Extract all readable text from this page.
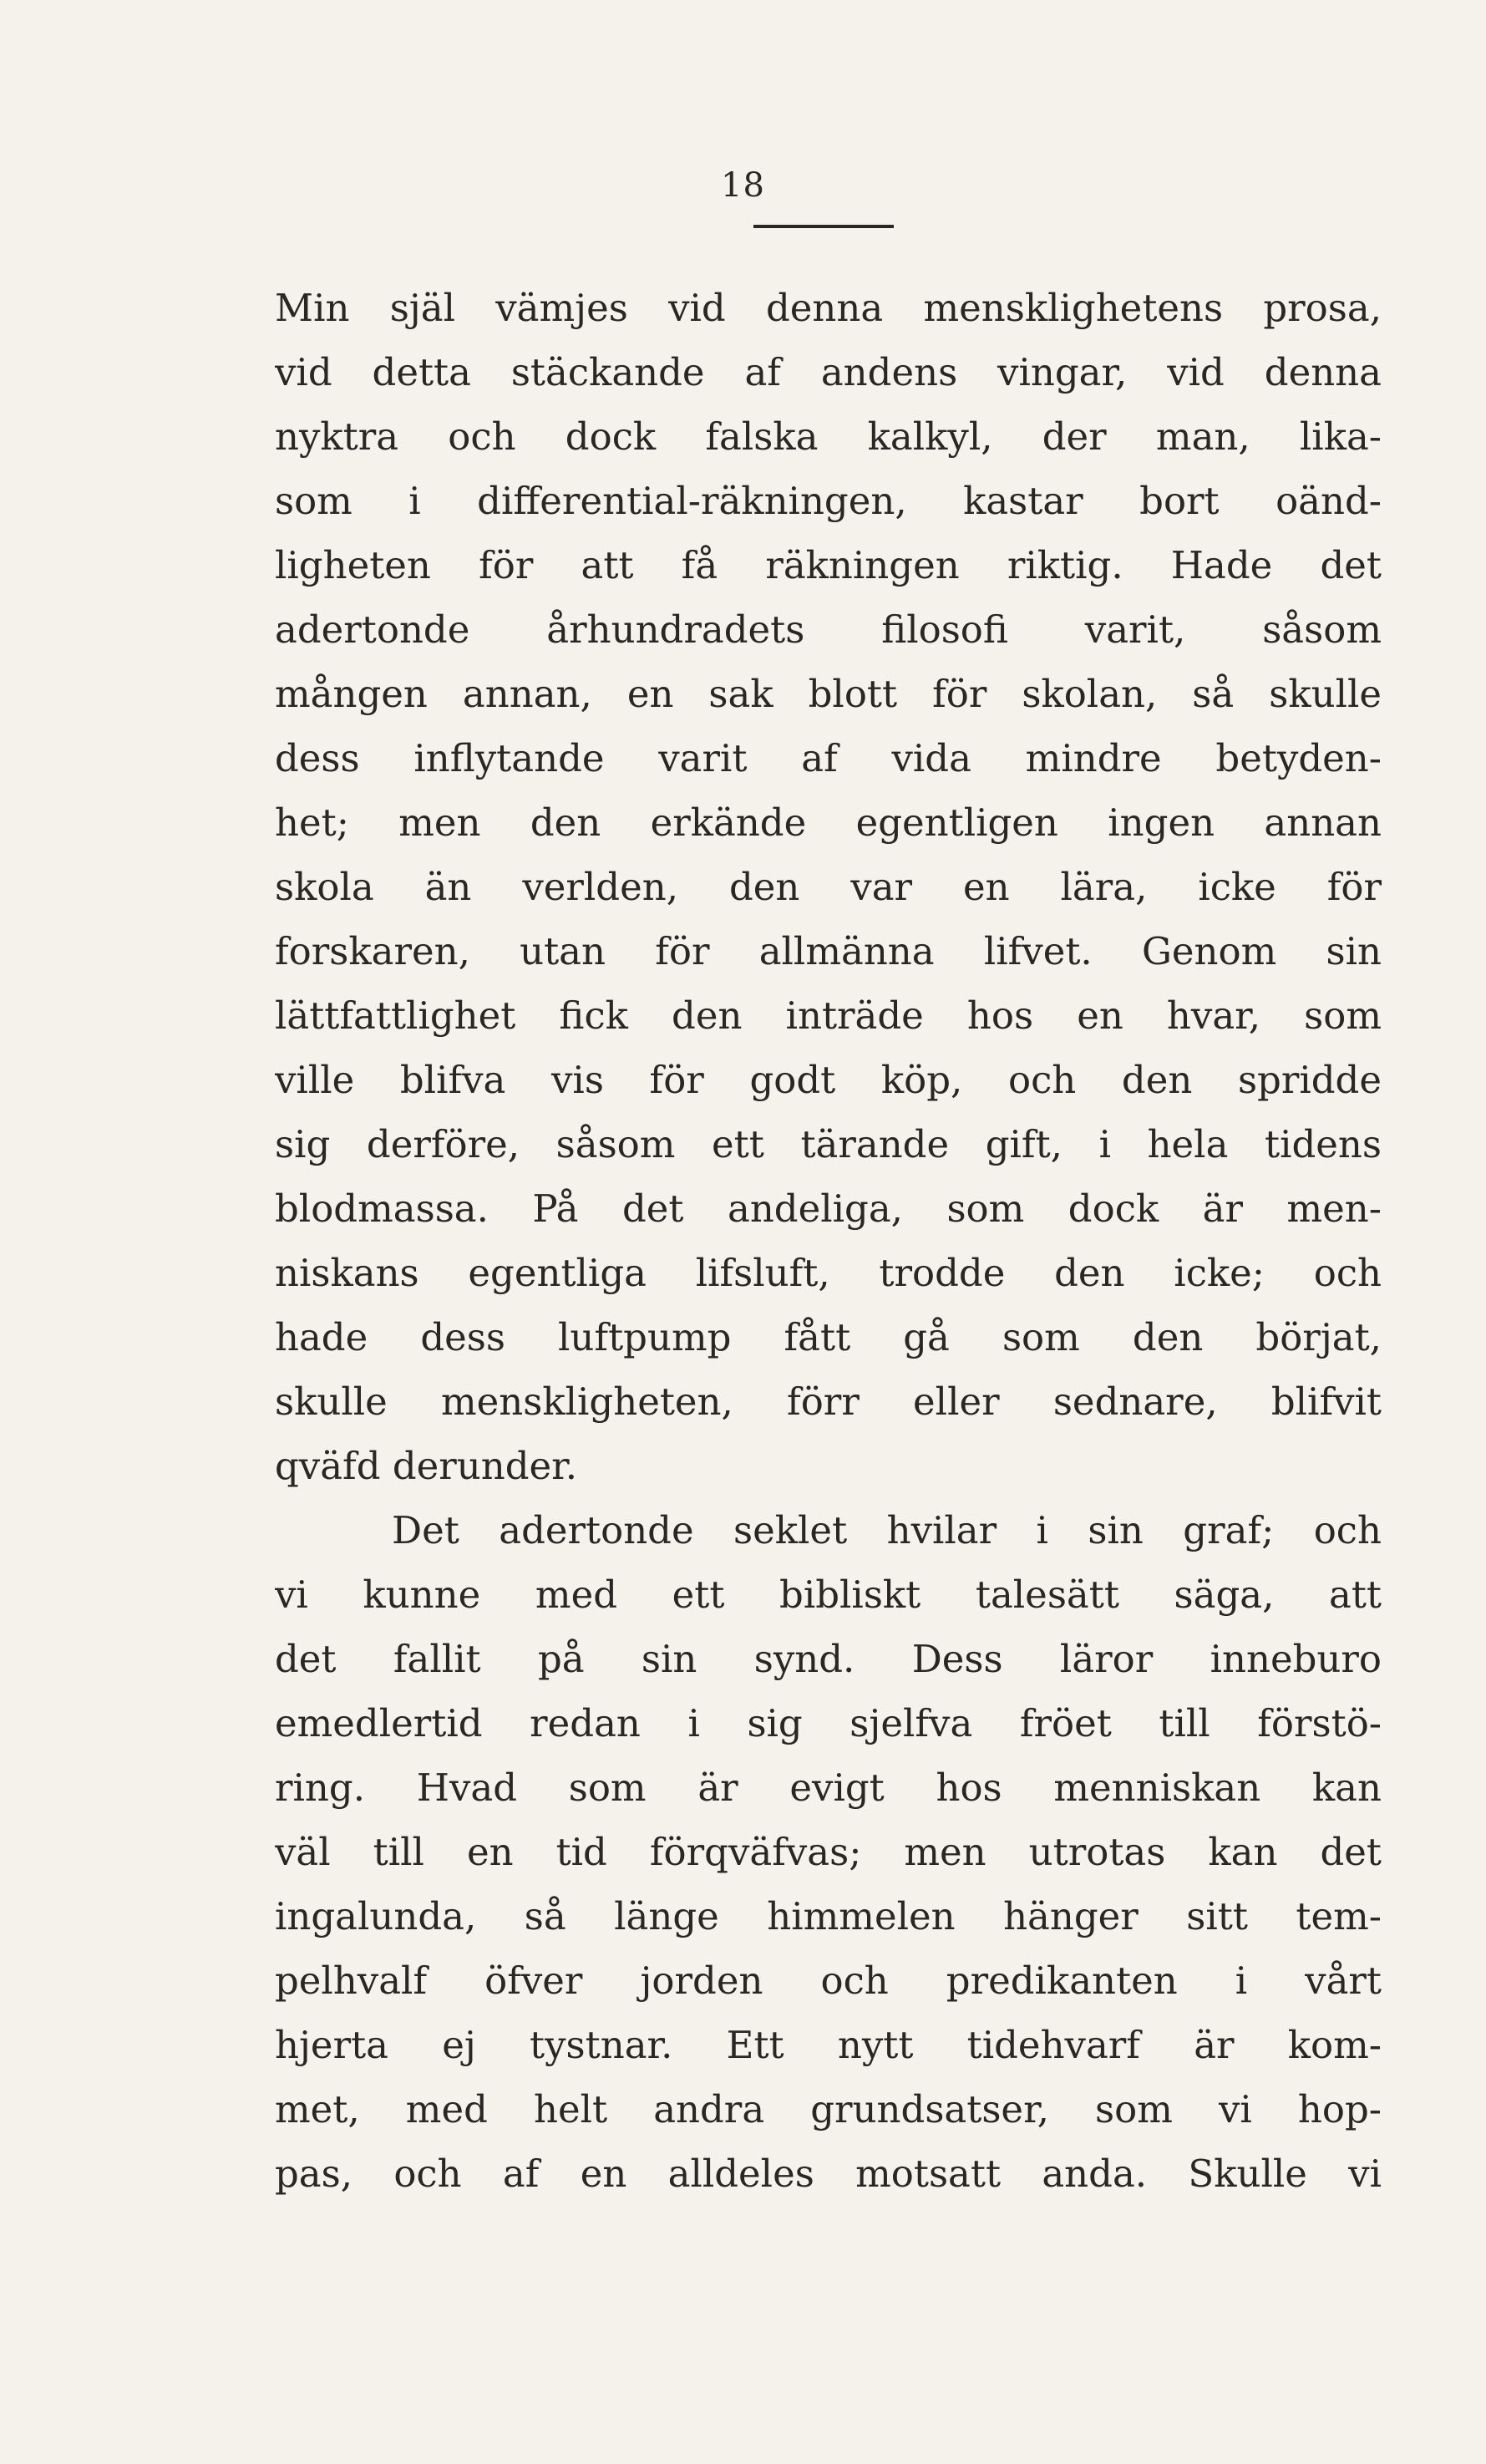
18
Min själ vämjes vid denna mensklighetens prosa,
vid detta stäckande af andens vingar, vid denna
nyktra och dock falska kalkyl, der man, lika-
som i differential-räkningen, kastar bort oänd-
ligheten för att få räkningen riktig. Hade det
adertonde århundradets filosofi varit, såsom
mången annan, en sak blott för skolan, så skulle
dess inflytande varit af vida mindre betyden-
het; men den erkände egentligen ingen annan
skola än verlden, den var en lära, icke för
forskaren, utan för allmänna lifvet. Genom sin
lättfattlighet fick den inträde hos en hvar, som
ville blifva vis för godt köp, och den spridde
sig derföre, såsom ett tärande gift, i hela tidens
blodmassa. På det andeliga, som dock är men-
niskans egentliga lifsluft, trodde den icke; och
hade dess luftpump fått gå som den börjat,
skulle menskligheten, förr eller sednare, blifvit
qväfd derunder.
Det adertonde seklet hvilar i sin graf; och
vi kunne med ett bibliskt talesätt säga, att
det fallit på sin synd. Dess läror inneburo
emedlertid redan i sig sjelfva fröet till förstö-
ring. Hvad som är evigt hos menniskan kan
väl till en tid förqväfvas; men utrotas kan det
ingalunda, så länge himmelen hänger sitt tem-
pelhvalf öfver jorden och predikanten i vårt
hjerta ej tystnar. Ett nytt tidehvarf är kom-
met, med helt andra grundsatser, som vi hop-
pas, och af en alldeles motsatt anda. Skulle vi
